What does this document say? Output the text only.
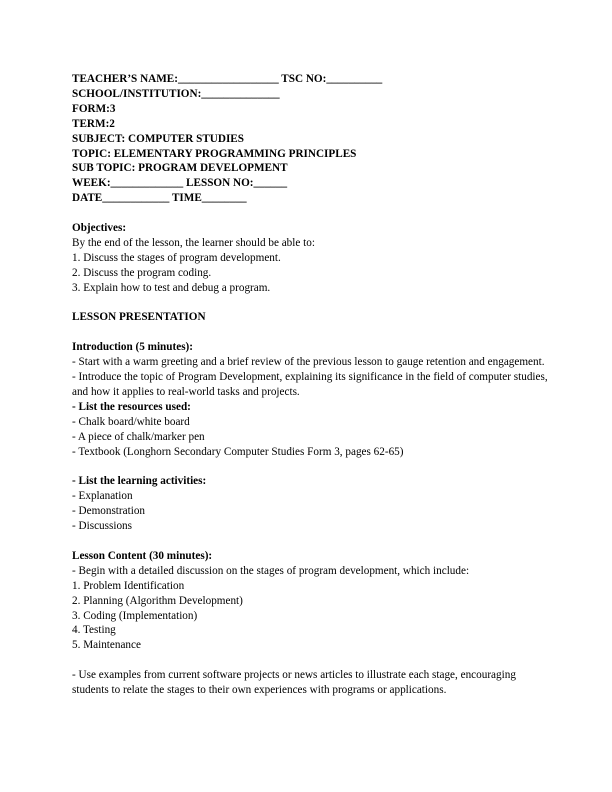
TEACHER’S NAME:__________________ TSC NO:__________
SCHOOL/INSTITUTION:______________
FORM:3
TERM:2
SUBJECT: COMPUTER STUDIES
TOPIC: ELEMENTARY PROGRAMMING PRINCIPLES
SUB TOPIC: PROGRAM DEVELOPMENT
WEEK:_____________ LESSON NO:______
DATE____________ TIME________
Objectives:
By the end of the lesson, the learner should be able to:
1. Discuss the stages of program development.
2. Discuss the program coding.
3. Explain how to test and debug a program.
LESSON PRESENTATION
Introduction (5 minutes):
- Start with a warm greeting and a brief review of the previous lesson to gauge retention and engagement.
- Introduce the topic of Program Development, explaining its significance in the field of computer studies, and how it applies to real-world tasks and projects.
- List the resources used:
- Chalk board/white board
- A piece of chalk/marker pen
- Textbook (Longhorn Secondary Computer Studies Form 3, pages 62-65)
- List the learning activities:
- Explanation
- Demonstration
- Discussions
Lesson Content (30 minutes):
- Begin with a detailed discussion on the stages of program development, which include:
1. Problem Identification
2. Planning (Algorithm Development)
3. Coding (Implementation)
4. Testing
5. Maintenance
- Use examples from current software projects or news articles to illustrate each stage, encouraging students to relate the stages to their own experiences with programs or applications.
